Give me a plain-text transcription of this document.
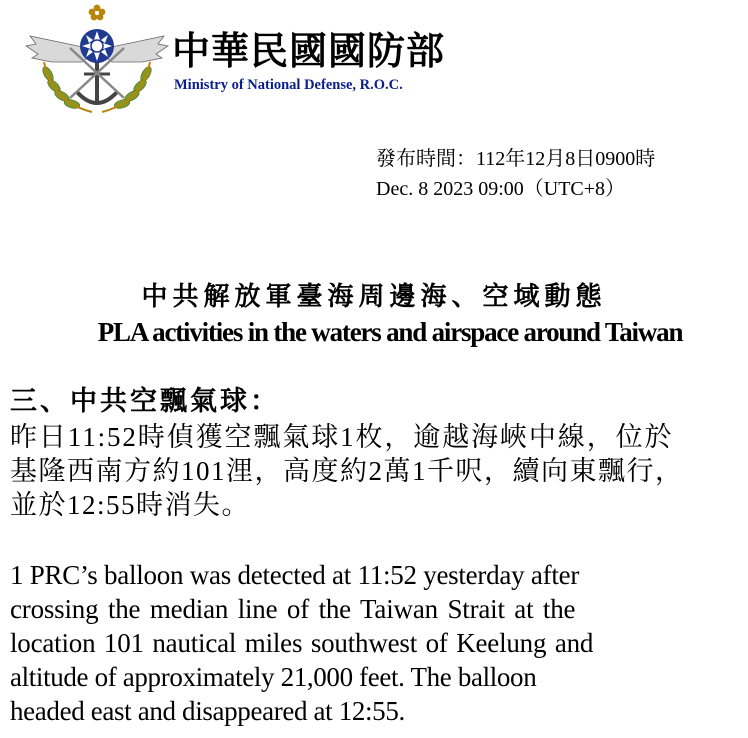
中華民國國防部
Ministry of National Defense, R.O.C.
發布時間：112年12月8日0900時
Dec. 8 2023 09:00（UTC+8）
中共解放軍臺海周邊海、空域動態
PLA activities in the waters and airspace around Taiwan
三、中共空飄氣球：
昨日11:52時偵獲空飄氣球1枚，逾越海峽中線，位於
基隆西南方約101浬，高度約2萬1千呎，續向東飄行，
並於12:55時消失。
1 PRC’s balloon was detected at 11:52 yesterday after
crossing the median line of the Taiwan Strait at the
location 101 nautical miles southwest of Keelung and
altitude of approximately 21,000 feet. The balloon
headed east and disappeared at 12:55.
